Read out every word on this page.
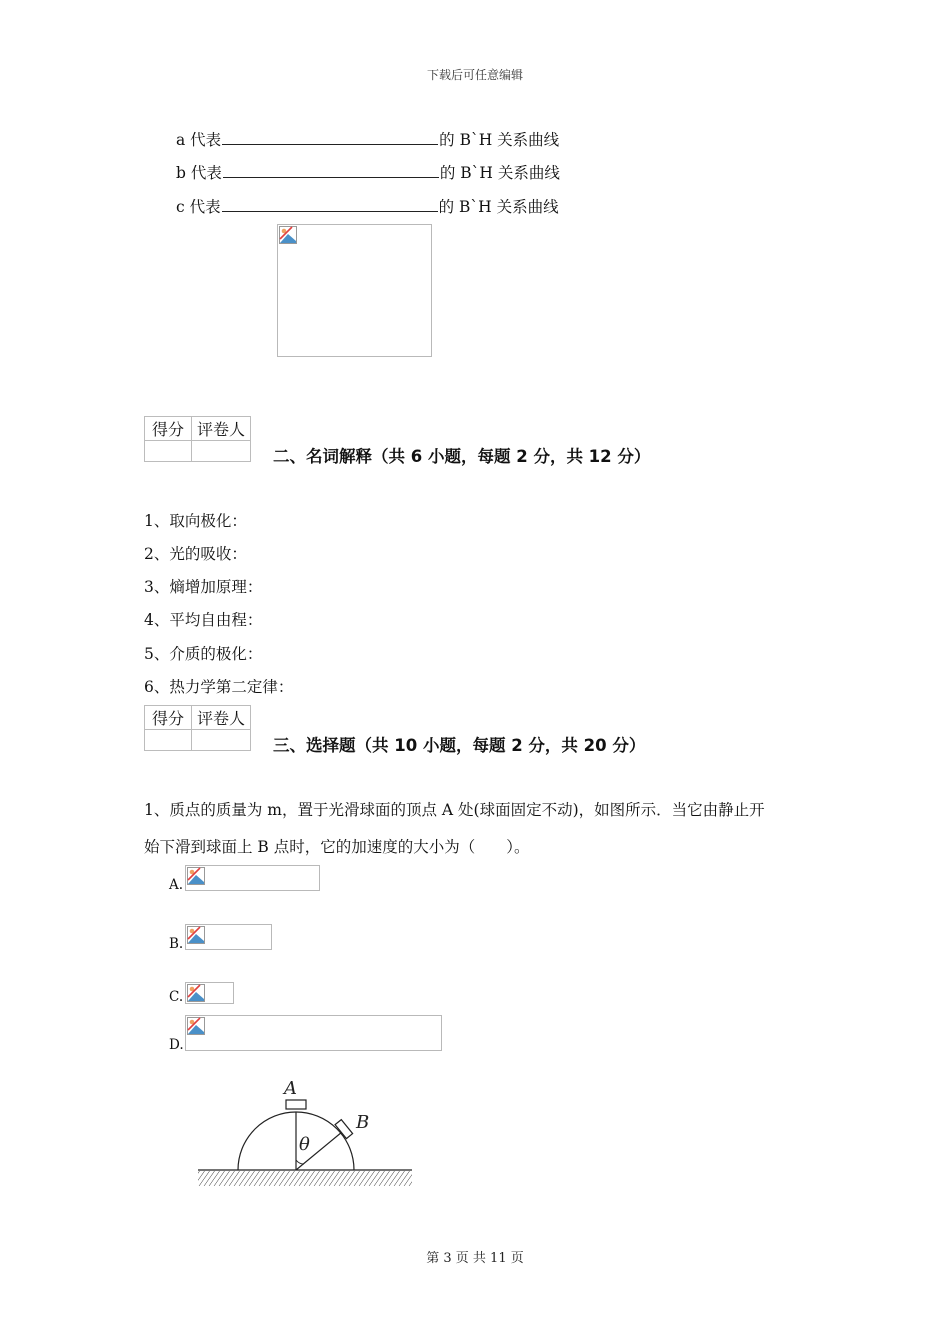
下载后可任意编辑
a 代表	的 B`H 关系曲线
b 代表	的 B`H 关系曲线
c 代表	的 B`H 关系曲线
得分	评卷人

二、名词解释（共 6 小题，每题 2 分，共 12 分）
1、取向极化：
2、光的吸收：
3、熵增加原理：
4、平均自由程：
5、介质的极化：
6、热力学第二定律：
得分	评卷人

三、选择题（共 10 小题，每题 2 分，共 20 分）
1、质点的质量为 m，置于光滑球面的顶点 A 处(球面固定不动)，如图所示．当它由静止开
始下滑到球面上 B 点时，它的加速度的大小为（　　）。
A.
B.
C.
D.
A
B
θ
第 3 页 共 11 页
